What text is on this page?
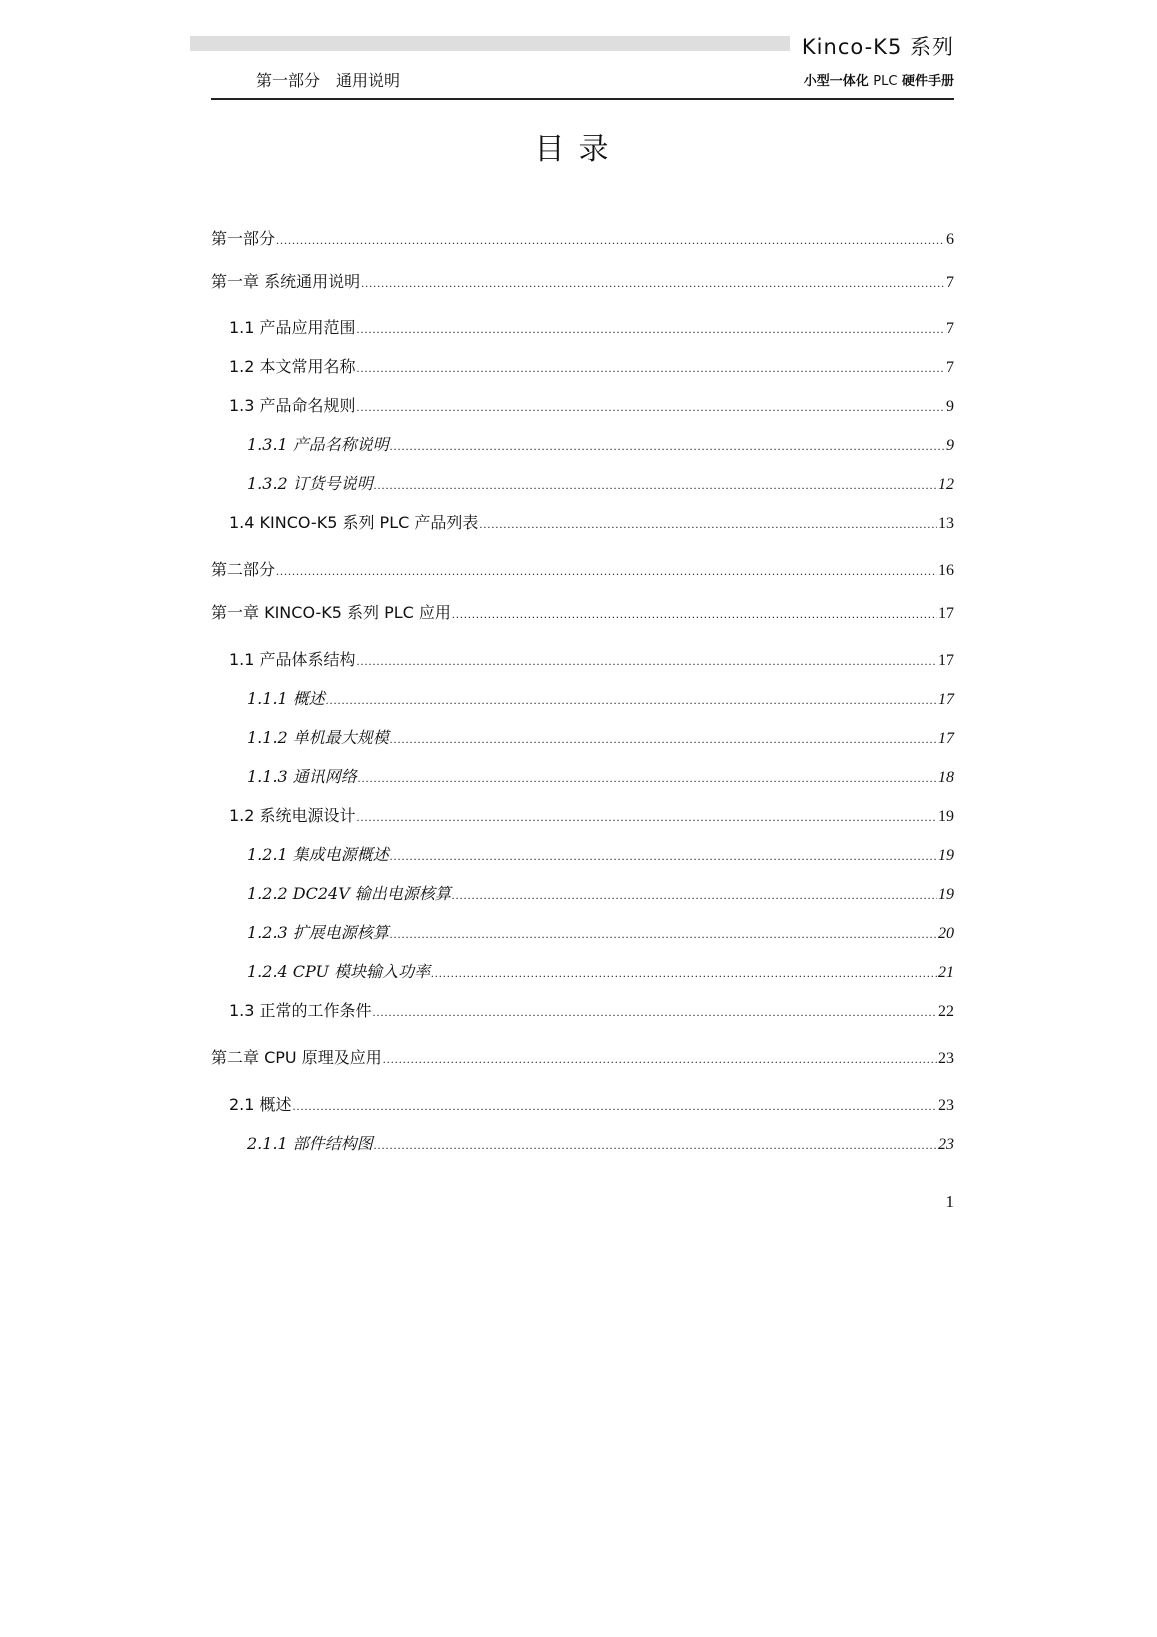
Kinco-K5 系列
第一部分　通用说明	小型一体化 PLC 硬件手册
目录
第一部分 .....	6
第一章 系统通用说明 .....	7
1.1 产品应用范围 .....	7
1.2 本文常用名称 .....	7
1.3 产品命名规则 .....	9
1.3.1 产品名称说明 .....	9
1.3.2 订货号说明 .....	12
1.4 KINCO-K5 系列 PLC 产品列表 .....	13
第二部分 .....	16
第一章 KINCO-K5 系列 PLC 应用 .....	17
1.1 产品体系结构 .....	17
1.1.1 概述 .....	17
1.1.2 单机最大规模 .....	17
1.1.3 通讯网络 .....	18
1.2 系统电源设计 .....	19
1.2.1 集成电源概述 .....	19
1.2.2 DC24V 输出电源核算 .....	19
1.2.3 扩展电源核算 .....	20
1.2.4 CPU 模块输入功率 .....	21
1.3 正常的工作条件 .....	22
第二章 CPU 原理及应用 .....	23
2.1 概述 .....	23
2.1.1 部件结构图 .....	23
1
